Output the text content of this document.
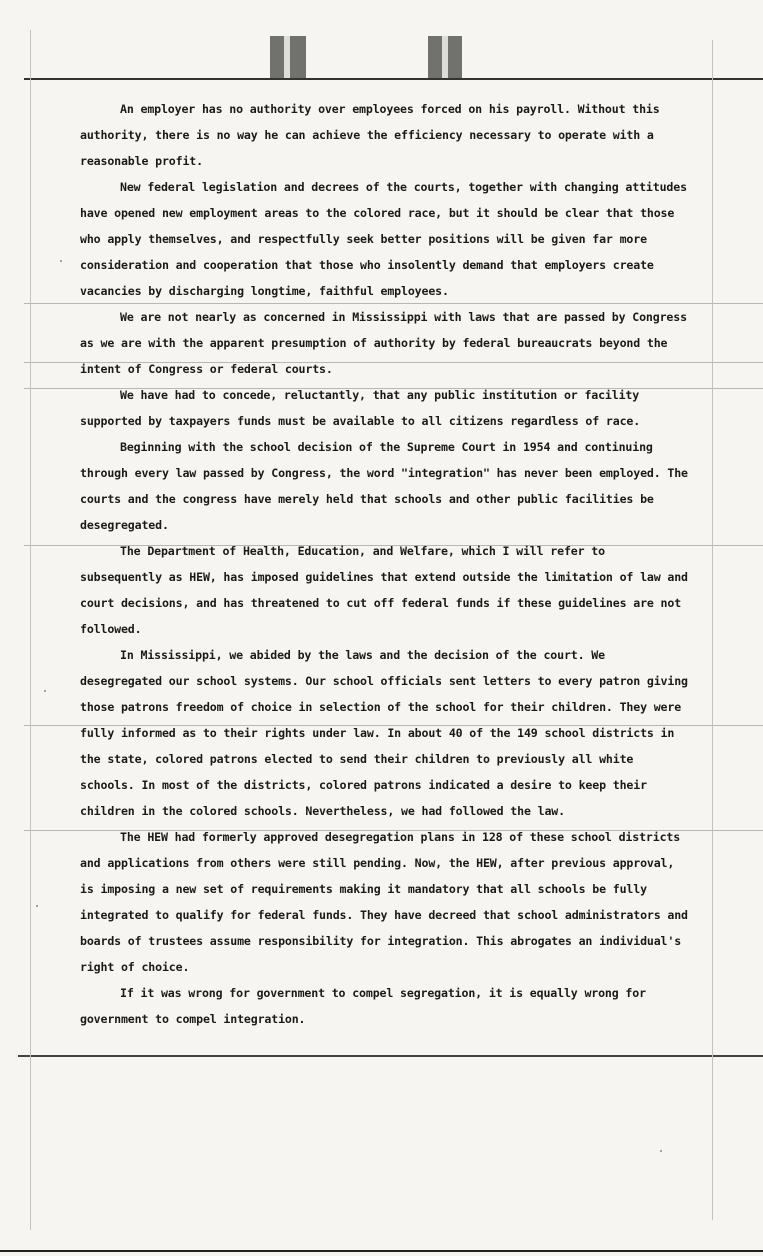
An employer has no authority over employees forced on his payroll. Without this authority, there is no way he can achieve the efficiency necessary to operate with a reasonable profit.

New federal legislation and decrees of the courts, together with changing attitudes have opened new employment areas to the colored race, but it should be clear that those who apply themselves, and respectfully seek better positions will be given far more consideration and cooperation that those who insolently demand that employers create vacancies by discharging longtime, faithful employees.

We are not nearly as concerned in Mississippi with laws that are passed by Congress as we are with the apparent presumption of authority by federal bureaucrats beyond the intent of Congress or federal courts.

We have had to concede, reluctantly, that any public institution or facility supported by taxpayers funds must be available to all citizens regardless of race.

Beginning with the school decision of the Supreme Court in 1954 and continuing through every law passed by Congress, the word "integration" has never been employed. The courts and the congress have merely held that schools and other public facilities be desegregated.

The Department of Health, Education, and Welfare, which I will refer to subsequently as HEW, has imposed guidelines that extend outside the limitation of law and court decisions, and has threatened to cut off federal funds if these guidelines are not followed.

In Mississippi, we abided by the laws and the decision of the court. We desegregated our school systems. Our school officials sent letters to every patron giving those patrons freedom of choice in selection of the school for their children. They were fully informed as to their rights under law. In about 40 of the 149 school districts in the state, colored patrons elected to send their children to previously all white schools. In most of the districts, colored patrons indicated a desire to keep their children in the colored schools. Nevertheless, we had followed the law.

The HEW had formerly approved desegregation plans in 128 of these school districts and applications from others were still pending. Now, the HEW, after previous approval, is imposing a new set of requirements making it mandatory that all schools be fully integrated to qualify for federal funds. They have decreed that school administrators and boards of trustees assume responsibility for integration. This abrogates an individual's right of choice.

If it was wrong for government to compel segregation, it is equally wrong for government to compel integration.
